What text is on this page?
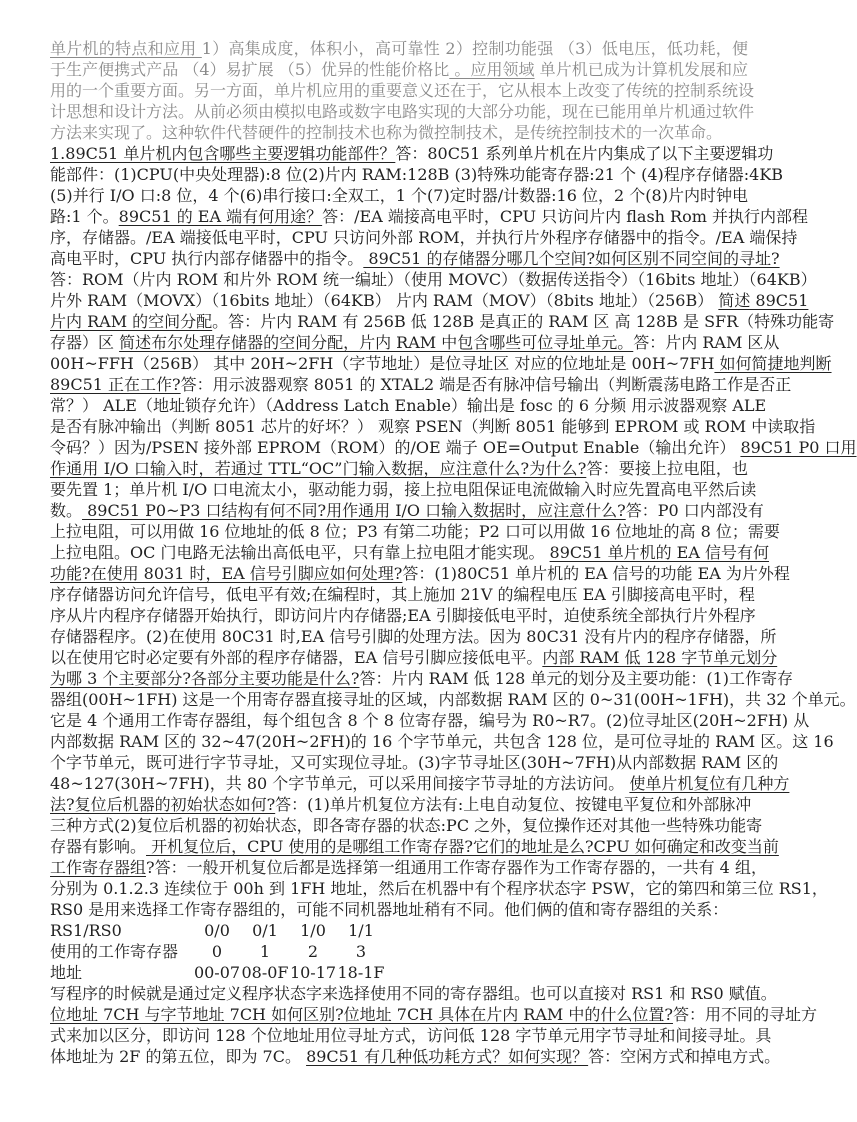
单片机的特点和应用 1）高集成度，体积小，高可靠性 2）控制功能强 （3）低电压，低功耗，便
于生产便携式产品 （4）易扩展 （5）优异的性能价格比 。应用领域 单片机已成为计算机发展和应
用的一个重要方面。另一方面，单片机应用的重要意义还在于，它从根本上改变了传统的控制系统设
计思想和设计方法。从前必须由模拟电路或数字电路实现的大部分功能，现在已能用单片机通过软件
方法来实现了。这种软件代替硬件的控制技术也称为微控制技术，是传统控制技术的一次革命。
1.89C51 单片机内包含哪些主要逻辑功能部件？答：80C51 系列单片机在片内集成了以下主要逻辑功
能部件：(1)CPU(中央处理器):8 位(2)片内 RAM:128B (3)特殊功能寄存器:21 个 (4)程序存储器:4KB
(5)并行 I/O 口:8 位，4 个(6)串行接口:全双工，1 个(7)定时器/计数器:16 位，2 个(8)片内时钟电
路:1 个。89C51 的 EA 端有何用途？答：/EA 端接高电平时，CPU 只访问片内 flash Rom 并执行内部程
序，存储器。/EA 端接低电平时，CPU 只访问外部 ROM，并执行片外程序存储器中的指令。/EA 端保持
高电平时，CPU 执行内部存储器中的指令。 89C51 的存储器分哪几个空间?如何区别不同空间的寻址?
答：ROM（片内 ROM 和片外 ROM 统一编址）（使用 MOVC）（数据传送指令）（16bits 地址）（64KB）
片外 RAM（MOVX）（16bits 地址）（64KB） 片内 RAM（MOV）（8bits 地址）（256B） 简述 89C51
片内 RAM 的空间分配。答：片内 RAM 有 256B 低 128B 是真正的 RAM 区 高 128B 是 SFR（特殊功能寄
存器）区 简述布尔处理存储器的空间分配，片内 RAM 中包含哪些可位寻址单元。答：片内 RAM 区从
00H~FFH（256B） 其中 20H~2FH（字节地址）是位寻址区 对应的位地址是 00H~7FH 如何简捷地判断
89C51 正在工作?答：用示波器观察 8051 的 XTAL2 端是否有脉冲信号输出（判断震荡电路工作是否正
常？） ALE（地址锁存允许）（Address Latch Enable）输出是 fosc 的 6 分频 用示波器观察 ALE
是否有脉冲输出（判断 8051 芯片的好坏？） 观察 PSEN（判断 8051 能够到 EPROM 或 ROM 中读取指
令码？）因为/PSEN 接外部 EPROM（ROM）的/OE 端子 OE=Output Enable（输出允许） 89C51 P0 口用
作通用 I/O 口输入时，若通过 TTL“OC”门输入数据，应注意什么?为什么?答：要接上拉电阻，也
要先置 1；单片机 I/O 口电流太小，驱动能力弱，接上拉电阻保证电流做输入时应先置高电平然后读
数。 89C51 P0~P3 口结构有何不同?用作通用 I/O 口输入数据时，应注意什么?答：P0 口内部没有
上拉电阻，可以用做 16 位地址的低 8 位；P3 有第二功能；P2 口可以用做 16 位地址的高 8 位；需要
上拉电阻。OC 门电路无法输出高低电平，只有靠上拉电阻才能实现。 89C51 单片机的 EA 信号有何
功能?在使用 8031 时，EA 信号引脚应如何处理?答：(1)80C51 单片机的 EA 信号的功能 EA 为片外程
序存储器访问允许信号，低电平有效;在编程时，其上施加 21V 的编程电压 EA 引脚接高电平时，程
序从片内程序存储器开始执行，即访问片内存储器;EA 引脚接低电平时，迫使系统全部执行片外程序
存储器程序。(2)在使用 80C31 时,EA 信号引脚的处理方法。因为 80C31 没有片内的程序存储器，所
以在使用它时必定要有外部的程序存储器，EA 信号引脚应接低电平。内部 RAM 低 128 字节单元划分
为哪 3 个主要部分?各部分主要功能是什么?答：片内 RAM 低 128 单元的划分及主要功能：(1)工作寄存
器组(00H~1FH) 这是一个用寄存器直接寻址的区域，内部数据 RAM 区的 0~31(00H~1FH)，共 32 个单元。
它是 4 个通用工作寄存器组，每个组包含 8 个 8 位寄存器，编号为 R0~R7。(2)位寻址区(20H~2FH) 从
内部数据 RAM 区的 32~47(20H~2FH)的 16 个字节单元，共包含 128 位，是可位寻址的 RAM 区。这 16
个字节单元，既可进行字节寻址，又可实现位寻址。(3)字节寻址区(30H~7FH)从内部数据 RAM 区的
48~127(30H~7FH)，共 80 个字节单元，可以采用间接字节寻址的方法访问。 使单片机复位有几种方
法?复位后机器的初始状态如何?答：(1)单片机复位方法有:上电自动复位、按键电平复位和外部脉冲
三种方式(2)复位后机器的初始状态，即各寄存器的状态:PC 之外，复位操作还对其他一些特殊功能寄
存器有影响。 开机复位后，CPU 使用的是哪组工作寄存器?它们的地址是么?CPU 如何确定和改变当前
工作寄存器组?答：一般开机复位后都是选择第一组通用工作寄存器作为工作寄存器的，一共有 4 组，
分别为 0.1.2.3 连续位于 00h 到 1FH 地址，然后在机器中有个程序状态字 PSW，它的第四和第三位 RS1，
RS0 是用来选择工作寄存器组的，可能不同机器地址稍有不同。他们俩的值和寄存器组的关系：
RS1/RS0	0/0	0/1	1/0	1/1
使用的工作寄存器	0	1	2	3
地址	00-07 08-0F 10-17 18-1F
写程序的时候就是通过定义程序状态字来选择使用不同的寄存器组。也可以直接对 RS1 和 RS0 赋值。
位地址 7CH 与字节地址 7CH 如何区别?位地址 7CH 具体在片内 RAM 中的什么位置?答：用不同的寻址方
式来加以区分，即访问 128 个位地址用位寻址方式，访问低 128 字节单元用字节寻址和间接寻址。具
体地址为 2F 的第五位，即为 7C。 89C51 有几种低功耗方式？如何实现？答：空闲方式和掉电方式。
